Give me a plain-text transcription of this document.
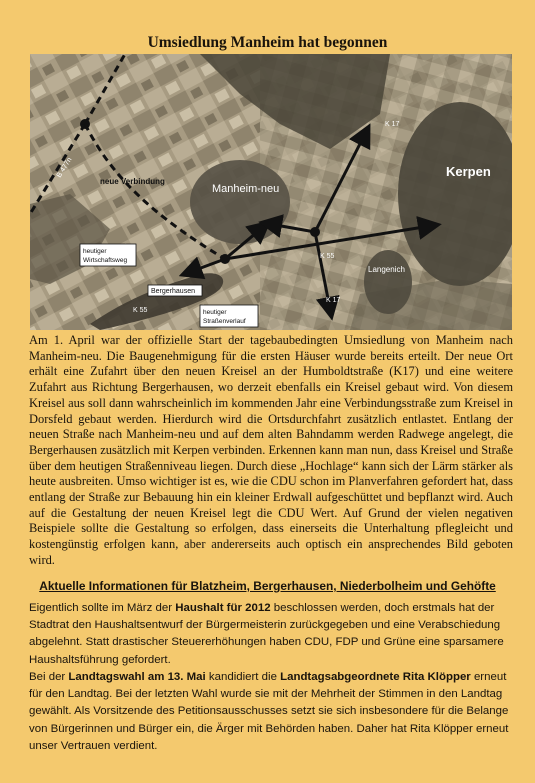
Umsiedlung Manheim hat begonnen
B 477n
neue Verbindung
Manheim-neu
Kerpen
K 17
K 17
K 55
K 55
Langenich
Bergerhausen
heutiger Wirtschaftsweg
heutiger Straßenverlauf

Am 1. April war der offizielle Start der tagebaubedingten Umsiedlung von Manheim nach Manheim-neu. Die Baugenehmigung für die ersten Häuser wurde bereits erteilt. Der neue Ort erhält eine Zufahrt über den neuen Kreisel an der Humboldtstraße (K17) und eine weitere Zufahrt aus Richtung Bergerhausen, wo derzeit ebenfalls ein Kreisel gebaut wird. Von diesem Kreisel aus soll dann wahrscheinlich im kommenden Jahr eine Verbindungsstraße zum Kreisel in Dorsfeld gebaut werden. Hierdurch wird die Ortsdurchfahrt zusätzlich entlastet. Entlang der neuen Straße nach Manheim-neu und auf dem alten Bahndamm werden Radwege angelegt, die Bergerhausen zusätzlich mit Kerpen verbinden. Erkennen kann man nun, dass Kreisel und Straße über dem heutigen Straßenniveau liegen. Durch diese „Hochlage“ kann sich der Lärm stärker als heute ausbreiten. Umso wichtiger ist es, wie die CDU schon im Planverfahren gefordert hat, dass entlang der Straße zur Bebauung hin ein kleiner Erdwall aufgeschüttet und bepflanzt wird. Auch auf die Gestaltung der neuen Kreisel legt die CDU Wert. Auf Grund der vielen negativen Beispiele sollte die Gestaltung so erfolgen, dass einerseits die Unterhaltung pflegleicht und kostengünstig erfolgen kann, aber andererseits auch optisch ein ansprechendes Bild geboten wird.

Aktuelle Informationen für Blatzheim, Bergerhausen, Niederbolheim und Gehöfte

Eigentlich sollte im März der Haushalt für 2012 beschlossen werden, doch erstmals hat der Stadtrat den Haushaltsentwurf der Bürgermeisterin zurückgegeben und eine Verabschiedung abgelehnt. Statt drastischer Steuererhöhungen haben CDU, FDP und Grüne eine sparsamere Haushaltsführung gefordert.

Bei der Landtagswahl am 13. Mai kandidiert die Landtagsabgeordnete Rita Klöpper erneut für den Landtag. Bei der letzten Wahl wurde sie mit der Mehrheit der Stimmen in den Landtag gewählt. Als Vorsitzende des Petitionsausschusses setzt sie sich insbesondere für die Belange von Bürgerinnen und Bürger ein, die Ärger mit Behörden haben. Daher hat Rita Klöpper erneut unser Vertrauen verdient.
